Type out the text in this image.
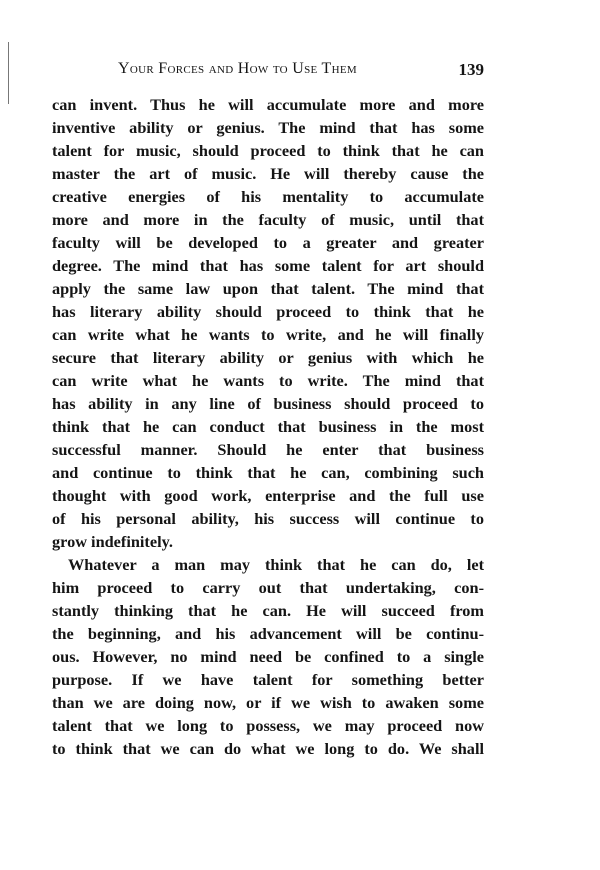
Your Forces and How to Use Them	139
can invent. Thus he will accumulate more and more
inventive ability or genius. The mind that has some
talent for music, should proceed to think that he can
master the art of music. He will thereby cause the
creative energies of his mentality to accumulate
more and more in the faculty of music, until that
faculty will be developed to a greater and greater
degree. The mind that has some talent for art should
apply the same law upon that talent. The mind that
has literary ability should proceed to think that he
can write what he wants to write, and he will finally
secure that literary ability or genius with which he
can write what he wants to write. The mind that
has ability in any line of business should proceed to
think that he can conduct that business in the most
successful manner. Should he enter that business
and continue to think that he can, combining such
thought with good work, enterprise and the full use
of his personal ability, his success will continue to
grow indefinitely.
Whatever a man may think that he can do, let
him proceed to carry out that undertaking, con-
stantly thinking that he can. He will succeed from
the beginning, and his advancement will be continu-
ous. However, no mind need be confined to a single
purpose. If we have talent for something better
than we are doing now, or if we wish to awaken some
talent that we long to possess, we may proceed now
to think that we can do what we long to do. We shall
